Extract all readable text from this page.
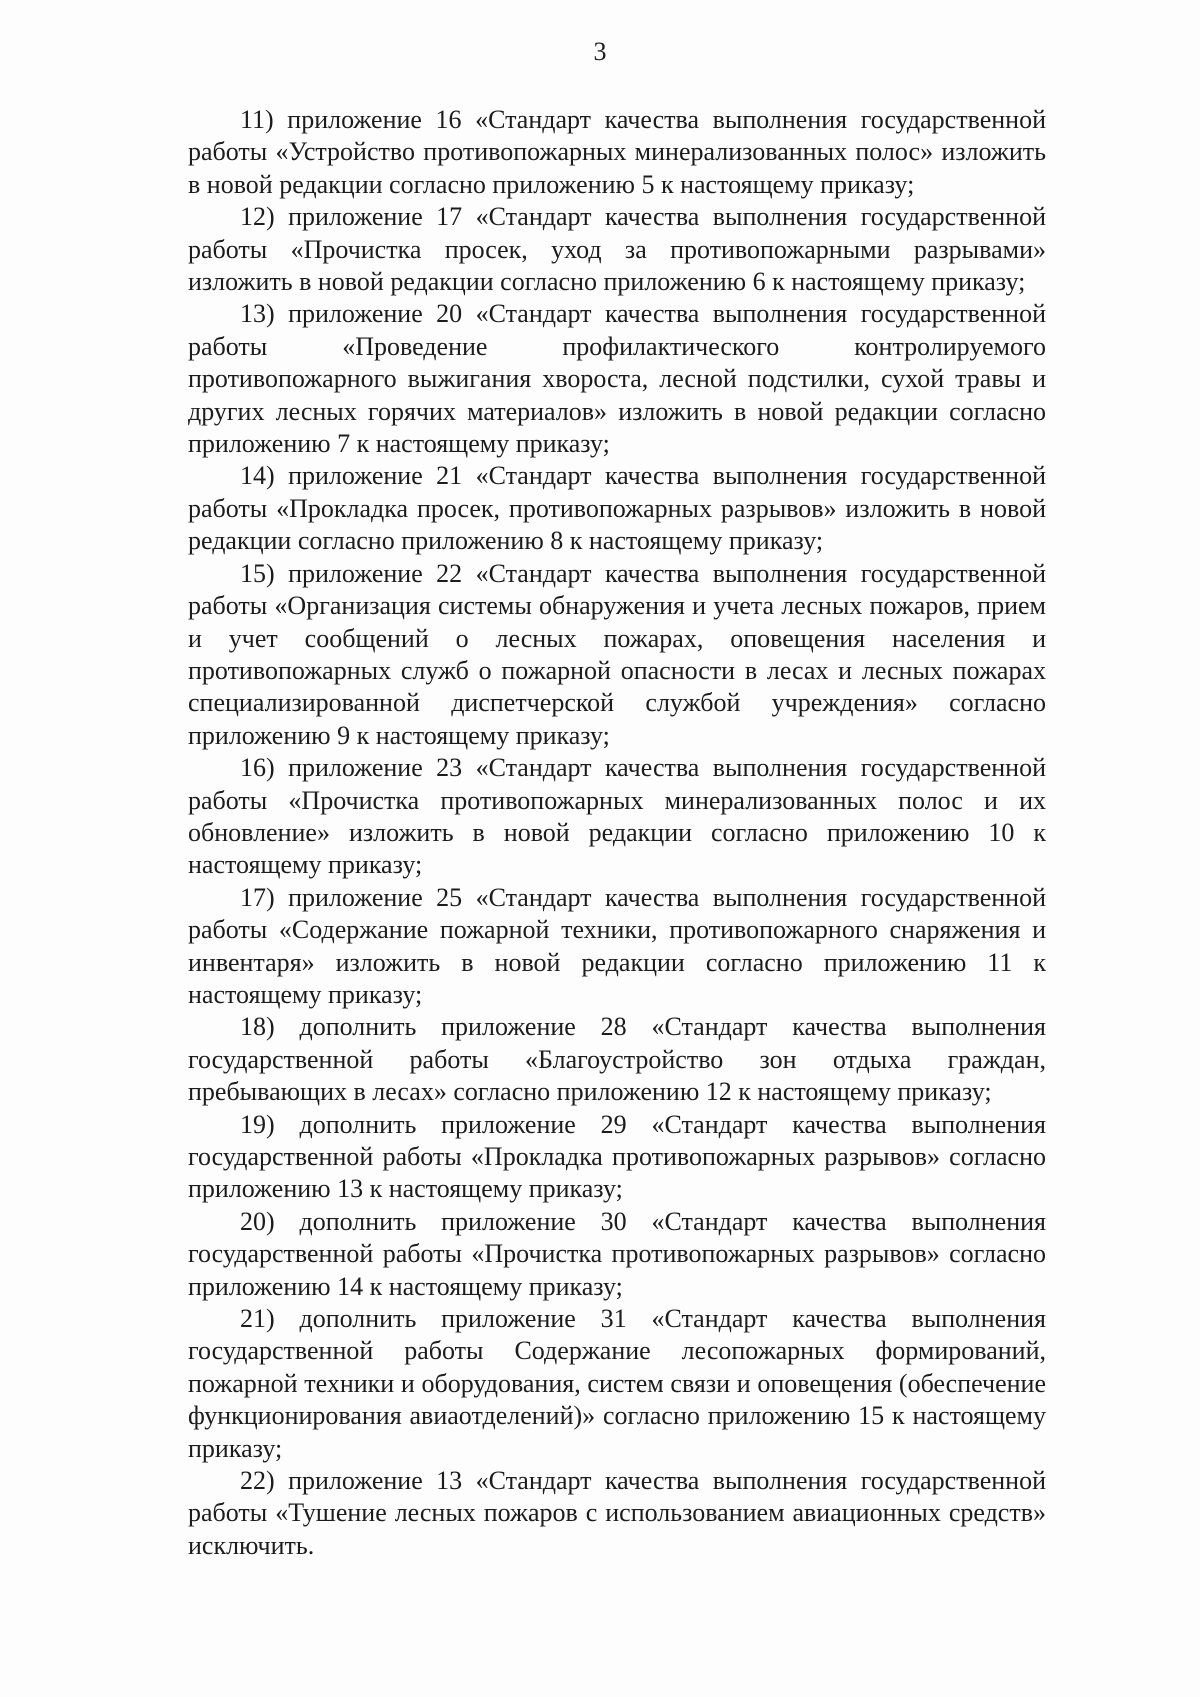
3

11) приложение 16 «Стандарт качества выполнения государственной работы «Устройство противопожарных минерализованных полос» изложить в новой редакции согласно приложению 5 к настоящему приказу;

12) приложение 17 «Стандарт качества выполнения государственной работы «Прочистка просек, уход за противопожарными разрывами» изложить в новой редакции согласно приложению 6 к настоящему приказу;

13) приложение 20 «Стандарт качества выполнения государственной работы «Проведение профилактического контролируемого противопожарного выжигания хвороста, лесной подстилки, сухой травы и других лесных горячих материалов» изложить в новой редакции согласно приложению 7 к настоящему приказу;

14) приложение 21 «Стандарт качества выполнения государственной работы «Прокладка просек, противопожарных разрывов» изложить в новой редакции согласно приложению 8 к настоящему приказу;

15) приложение 22 «Стандарт качества выполнения государственной работы «Организация системы обнаружения и учета лесных пожаров, прием и учет сообщений о лесных пожарах, оповещения населения и противопожарных служб о пожарной опасности в лесах и лесных пожарах специализированной диспетчерской службой учреждения» согласно приложению 9 к настоящему приказу;

16) приложение 23 «Стандарт качества выполнения государственной работы «Прочистка противопожарных минерализованных полос и их обновление» изложить в новой редакции согласно приложению 10 к настоящему приказу;

17) приложение 25 «Стандарт качества выполнения государственной работы «Содержание пожарной техники, противопожарного снаряжения и инвентаря» изложить в новой редакции согласно приложению 11 к настоящему приказу;

18) дополнить приложение 28 «Стандарт качества выполнения государственной работы «Благоустройство зон отдыха граждан, пребывающих в лесах» согласно приложению 12 к настоящему приказу;

19) дополнить приложение 29 «Стандарт качества выполнения государственной работы «Прокладка противопожарных разрывов» согласно приложению 13 к настоящему приказу;

20) дополнить приложение 30 «Стандарт качества выполнения государственной работы «Прочистка противопожарных разрывов» согласно приложению 14 к настоящему приказу;

21) дополнить приложение 31 «Стандарт качества выполнения государственной работы Содержание лесопожарных формирований, пожарной техники и оборудования, систем связи и оповещения (обеспечение функционирования авиаотделений)» согласно приложению 15 к настоящему приказу;

22) приложение 13 «Стандарт качества выполнения государственной работы «Тушение лесных пожаров с использованием авиационных средств» исключить.
